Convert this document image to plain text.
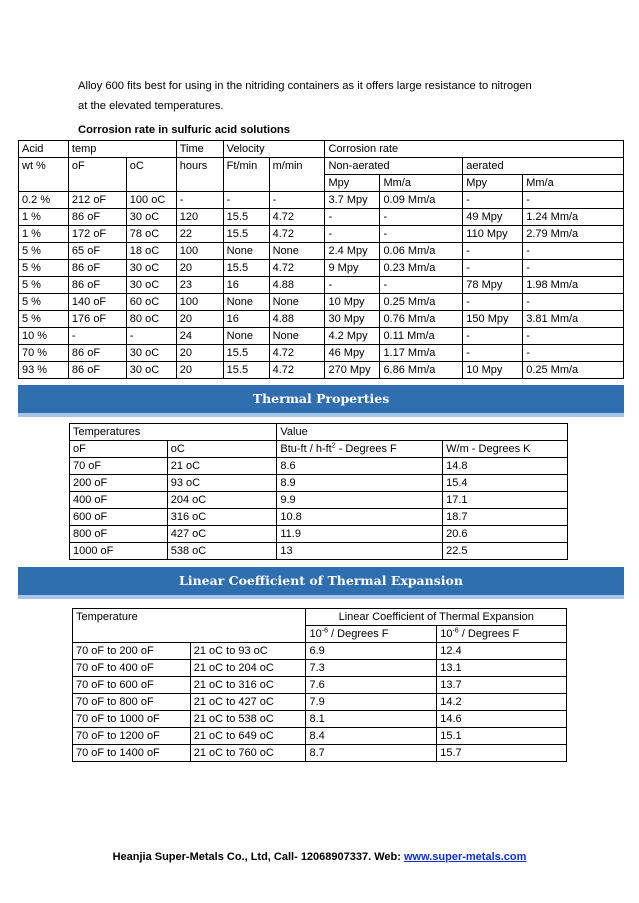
Alloy 600 fits best for using in the nitriding containers as it offers large resistance to nitrogen
at the elevated temperatures.
Corrosion rate in sulfuric acid solutions
Acid	temp		Time	Velocity		Corrosion rate			
wt %	oF	oC	hours	Ft/min	m/min	Non-aerated		aerated	
						Mpy	Mm/a	Mpy	Mm/a
0.2 %	212 oF	100 oC	-	-	-	3.7 Mpy	0.09 Mm/a	-	-
1 %	86 oF	30 oC	120	15.5	4.72	-	-	49 Mpy	1.24 Mm/a
1 %	172 oF	78 oC	22	15.5	4.72	-	-	110 Mpy	2.79 Mm/a
5 %	65 oF	18 oC	100	None	None	2.4 Mpy	0.06 Mm/a	-	-
5 %	86 oF	30 oC	20	15.5	4.72	9 Mpy	0.23 Mm/a	-	-
5 %	86 oF	30 oC	23	16	4.88	-	-	78 Mpy	1.98 Mm/a
5 %	140 oF	60 oC	100	None	None	10 Mpy	0.25 Mm/a	-	-
5 %	176 oF	80 oC	20	16	4.88	30 Mpy	0.76 Mm/a	150 Mpy	3.81 Mm/a
10 %	-	-	24	None	None	4.2 Mpy	0.11 Mm/a	-	-
70 %	86 oF	30 oC	20	15.5	4.72	46 Mpy	1.17 Mm/a	-	-
93 %	86 oF	30 oC	20	15.5	4.72	270 Mpy	6.86 Mm/a	10 Mpy	0.25 Mm/a
Thermal Properties
Temperatures		Value	
oF	oC	$Btu-ft / h-ft^2$ - Degrees F	W/m - Degrees K
70 oF	21 oC	8.6	14.8
200 oF	93 oC	8.9	15.4
400 oF	204 oC	9.9	17.1
600 oF	316 oC	10.8	18.7
800 oF	427 oC	11.9	20.6
1000 oF	538 oC	13	22.5
Linear Coefficient of Thermal Expansion
Temperature		Linear Coefficient of Thermal Expansion	
		$10^{-6}$ / Degrees F	$10^{-6}$ / Degrees F
70 oF to 200 oF	21 oC to 93 oC	6.9	12.4
70 oF to 400 oF	21 oC to 204 oC	7.3	13.1
70 oF to 600 oF	21 oC to 316 oC	7.6	13.7
70 oF to 800 oF	21 oC to 427 oC	7.9	14.2
70 oF to 1000 oF	21 oC to 538 oC	8.1	14.6
70 oF to 1200 oF	21 oC to 649 oC	8.4	15.1
70 oF to 1400 oF	21 oC to 760 oC	8.7	15.7
Heanjia Super-Metals Co., Ltd, Call- 12068907337. Web: www.super-metals.com
